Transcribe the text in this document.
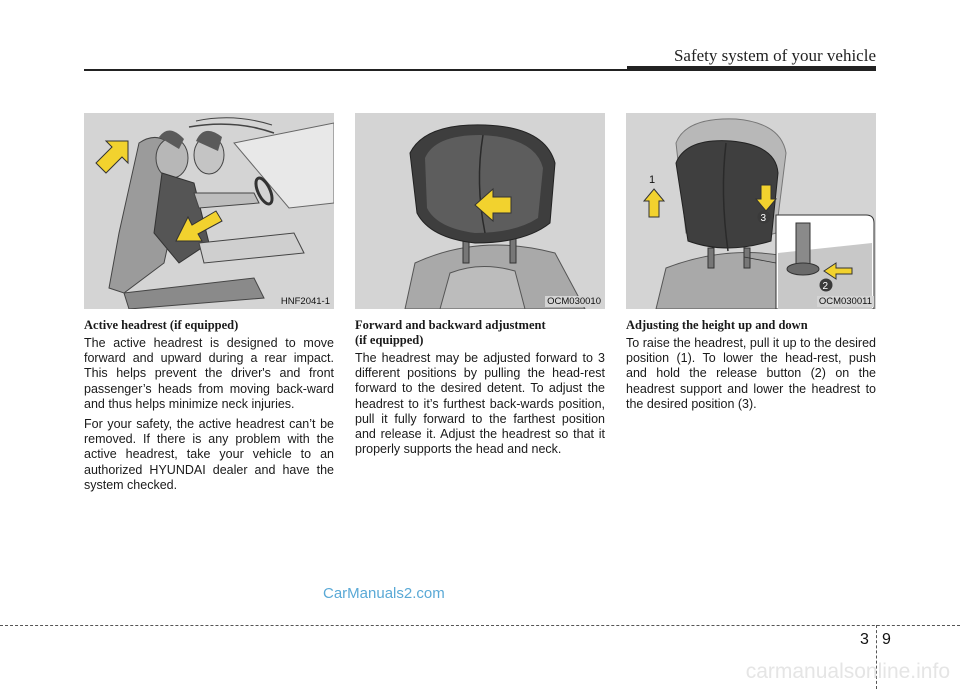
Safety system of your vehicle
HNF2041-1	OCM030010
1
3
2
OCM030011
Active headrest (if equipped)

The active headrest is designed to move forward and upward during a rear impact. This helps prevent the driver's and front passenger’s heads from moving back-ward and thus helps minimize neck injuries.

For your safety, the active headrest can’t be removed. If there is any problem with the active headrest, take your vehicle to an authorized HYUNDAI dealer and have the system checked.

Forward and backward adjustment
(if equipped)

The headrest may be adjusted forward to 3 different positions by pulling the head-rest forward to the desired detent. To adjust the headrest to it’s furthest back-wards position, pull it fully forward to the farthest position and release it. Adjust the headrest so that it properly supports the head and neck.

Adjusting the height up and down

To raise the headrest, pull it up to the desired position (1). To lower the head-rest, push and hold the release button (2) on the headrest support and lower the headrest to the desired position (3).

CarManuals2.com
3 9
carmanualsonline.info
